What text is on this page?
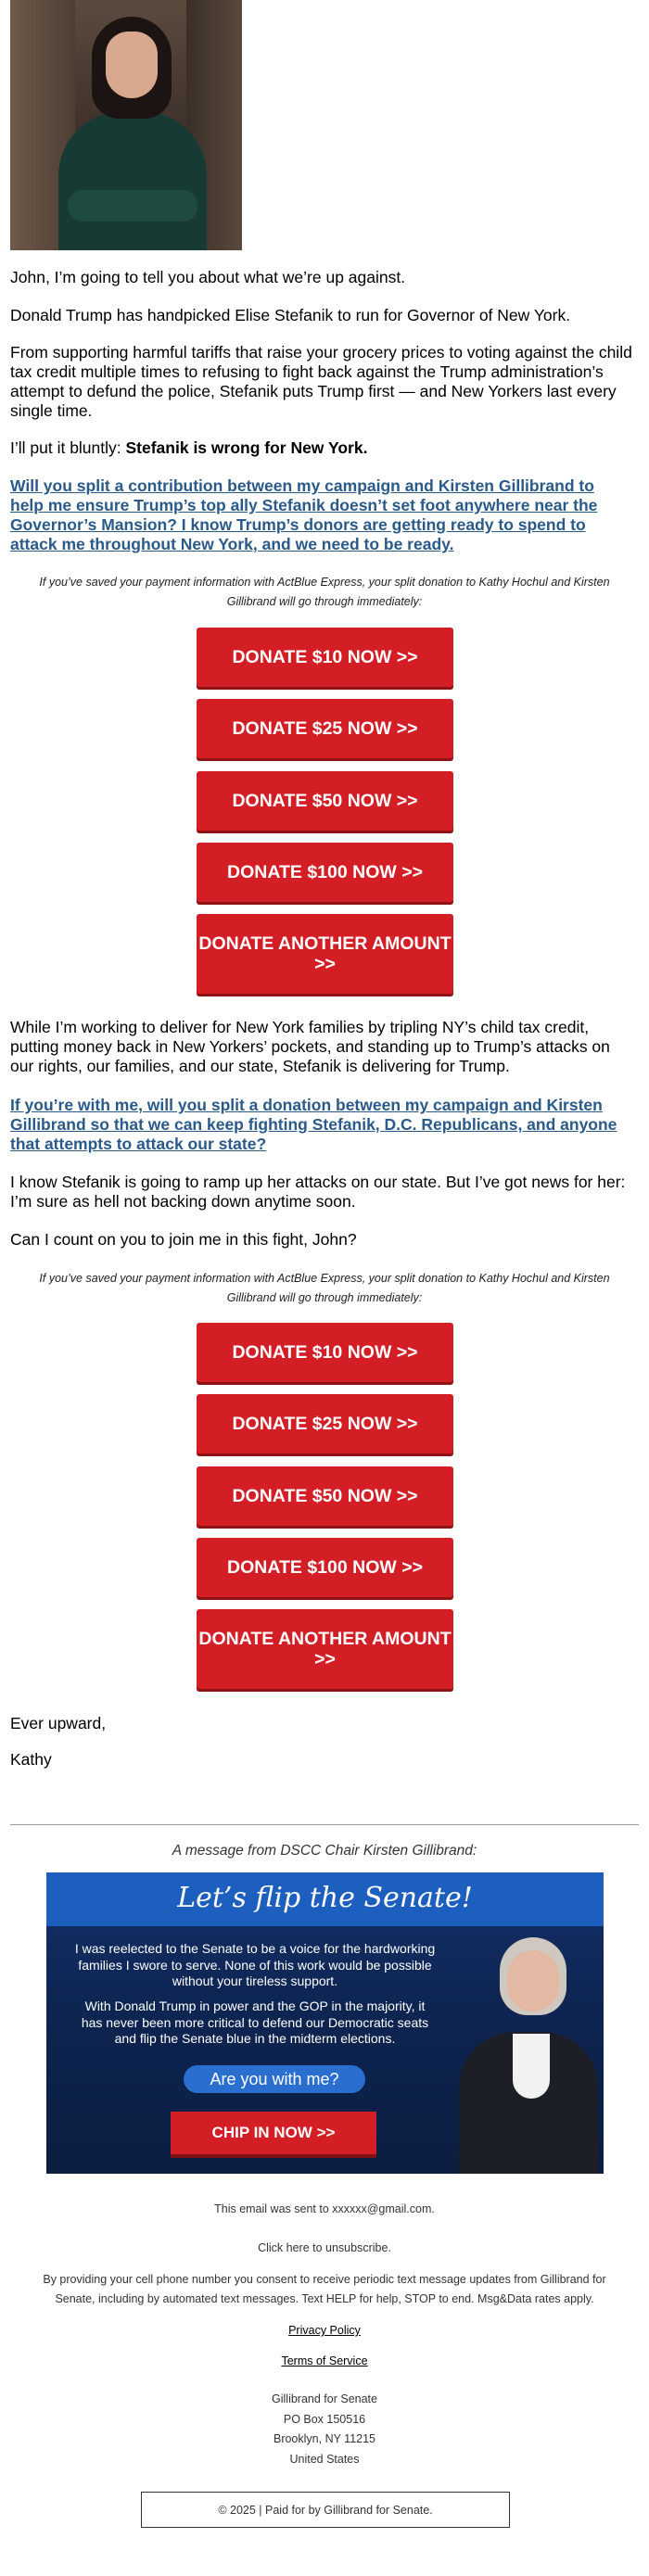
John, I’m going to tell you about what we’re up against.
Donald Trump has handpicked Elise Stefanik to run for Governor of New York.
From supporting harmful tariffs that raise your grocery prices to voting against the child tax credit multiple times to refusing to fight back against the Trump administration’s attempt to defund the police, Stefanik puts Trump first — and New Yorkers last every single time.
I’ll put it bluntly: Stefanik is wrong for New York.
Will you split a contribution between my campaign and Kirsten Gillibrand to help me ensure Trump’s top ally Stefanik doesn’t set foot anywhere near the Governor’s Mansion? I know Trump’s donors are getting ready to spend to attack me throughout New York, and we need to be ready.
If you’ve saved your payment information with ActBlue Express, your split donation to Kathy Hochul and Kirsten Gillibrand will go through immediately:
DONATE $10 NOW >>
DONATE $25 NOW >>
DONATE $50 NOW >>
DONATE $100 NOW >>
DONATE ANOTHER AMOUNT >>
While I’m working to deliver for New York families by tripling NY’s child tax credit, putting money back in New Yorkers’ pockets, and standing up to Trump’s attacks on our rights, our families, and our state, Stefanik is delivering for Trump.
If you’re with me, will you split a donation between my campaign and Kirsten Gillibrand so that we can keep fighting Stefanik, D.C. Republicans, and anyone that attempts to attack our state?
I know Stefanik is going to ramp up her attacks on our state. But I’ve got news for her: I’m sure as hell not backing down anytime soon.
Can I count on you to join me in this fight, John?
If you’ve saved your payment information with ActBlue Express, your split donation to Kathy Hochul and Kirsten Gillibrand will go through immediately:
DONATE $10 NOW >>
DONATE $25 NOW >>
DONATE $50 NOW >>
DONATE $100 NOW >>
DONATE ANOTHER AMOUNT >>
Ever upward,
Kathy
A message from DSCC Chair Kirsten Gillibrand:
Let’s flip the Senate!
I was reelected to the Senate to be a voice for the hardworking families I swore to serve. None of this work would be possible without your tireless support.
With Donald Trump in power and the GOP in the majority, it has never been more critical to defend our Democratic seats and flip the Senate blue in the midterm elections.
Are you with me?
CHIP IN NOW >>
This email was sent to xxxxxx@gmail.com.
Click here to unsubscribe.
By providing your cell phone number you consent to receive periodic text message updates from Gillibrand for Senate, including by automated text messages. Text HELP for help, STOP to end. Msg&Data rates apply.
Privacy Policy
Terms of Service
Gillibrand for Senate
PO Box 150516
Brooklyn, NY 11215
United States
© 2025 | Paid for by Gillibrand for Senate.
